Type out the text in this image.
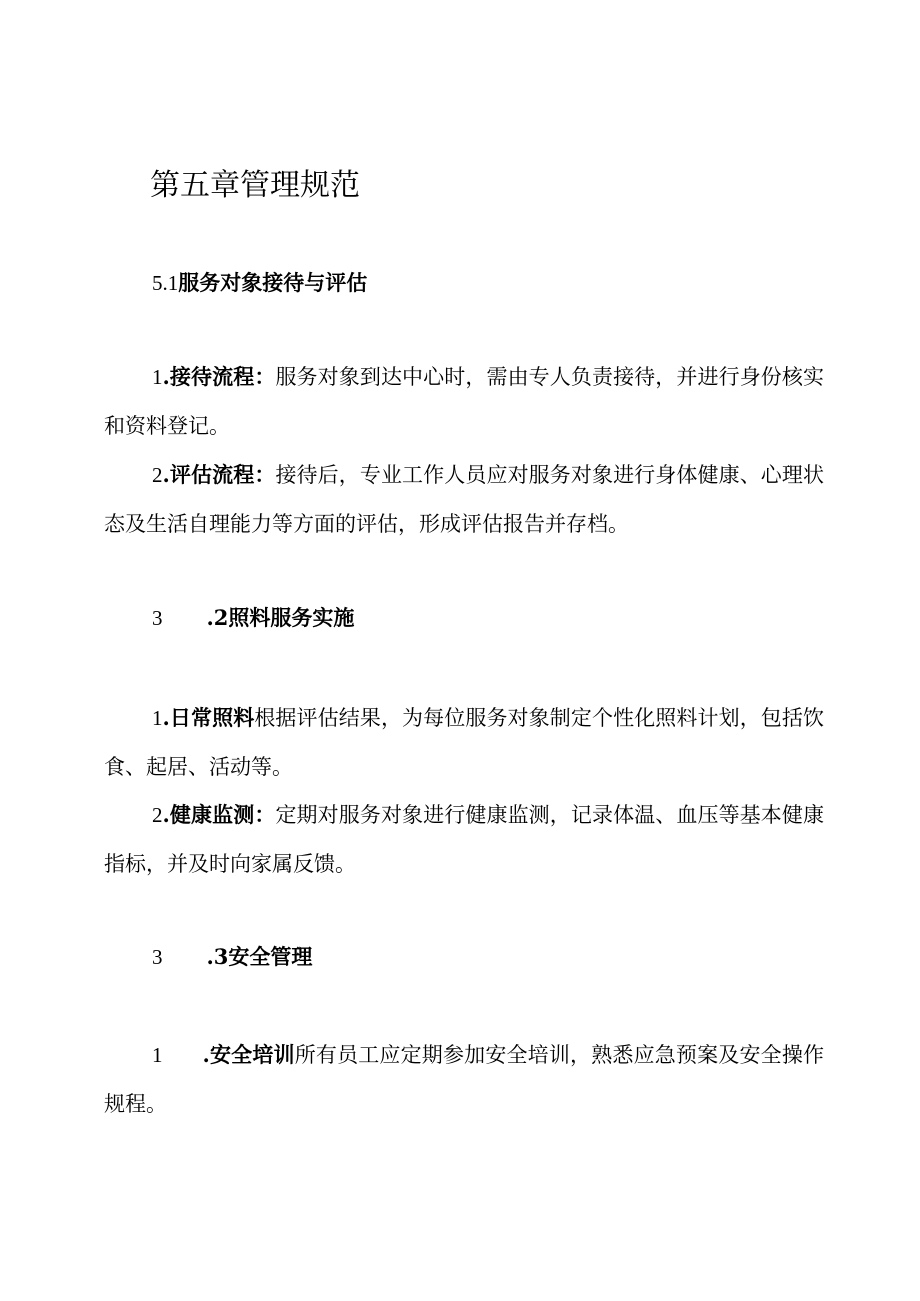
第五章管理规范
5.1服务对象接待与评估

1.接待流程：服务对象到达中心时，需由专人负责接待，并进行身份核实和资料登记。

2.评估流程：接待后，专业工作人员应对服务对象进行身体健康、心理状态及生活自理能力等方面的评估，形成评估报告并存档。

3 .2照料服务实施

1.日常照料根据评估结果，为每位服务对象制定个性化照料计划，包括饮食、起居、活动等。

2.健康监测：定期对服务对象进行健康监测，记录体温、血压等基本健康指标，并及时向家属反馈。

3 .3安全管理

1 .安全培训所有员工应定期参加安全培训，熟悉应急预案及安全操作规程。
